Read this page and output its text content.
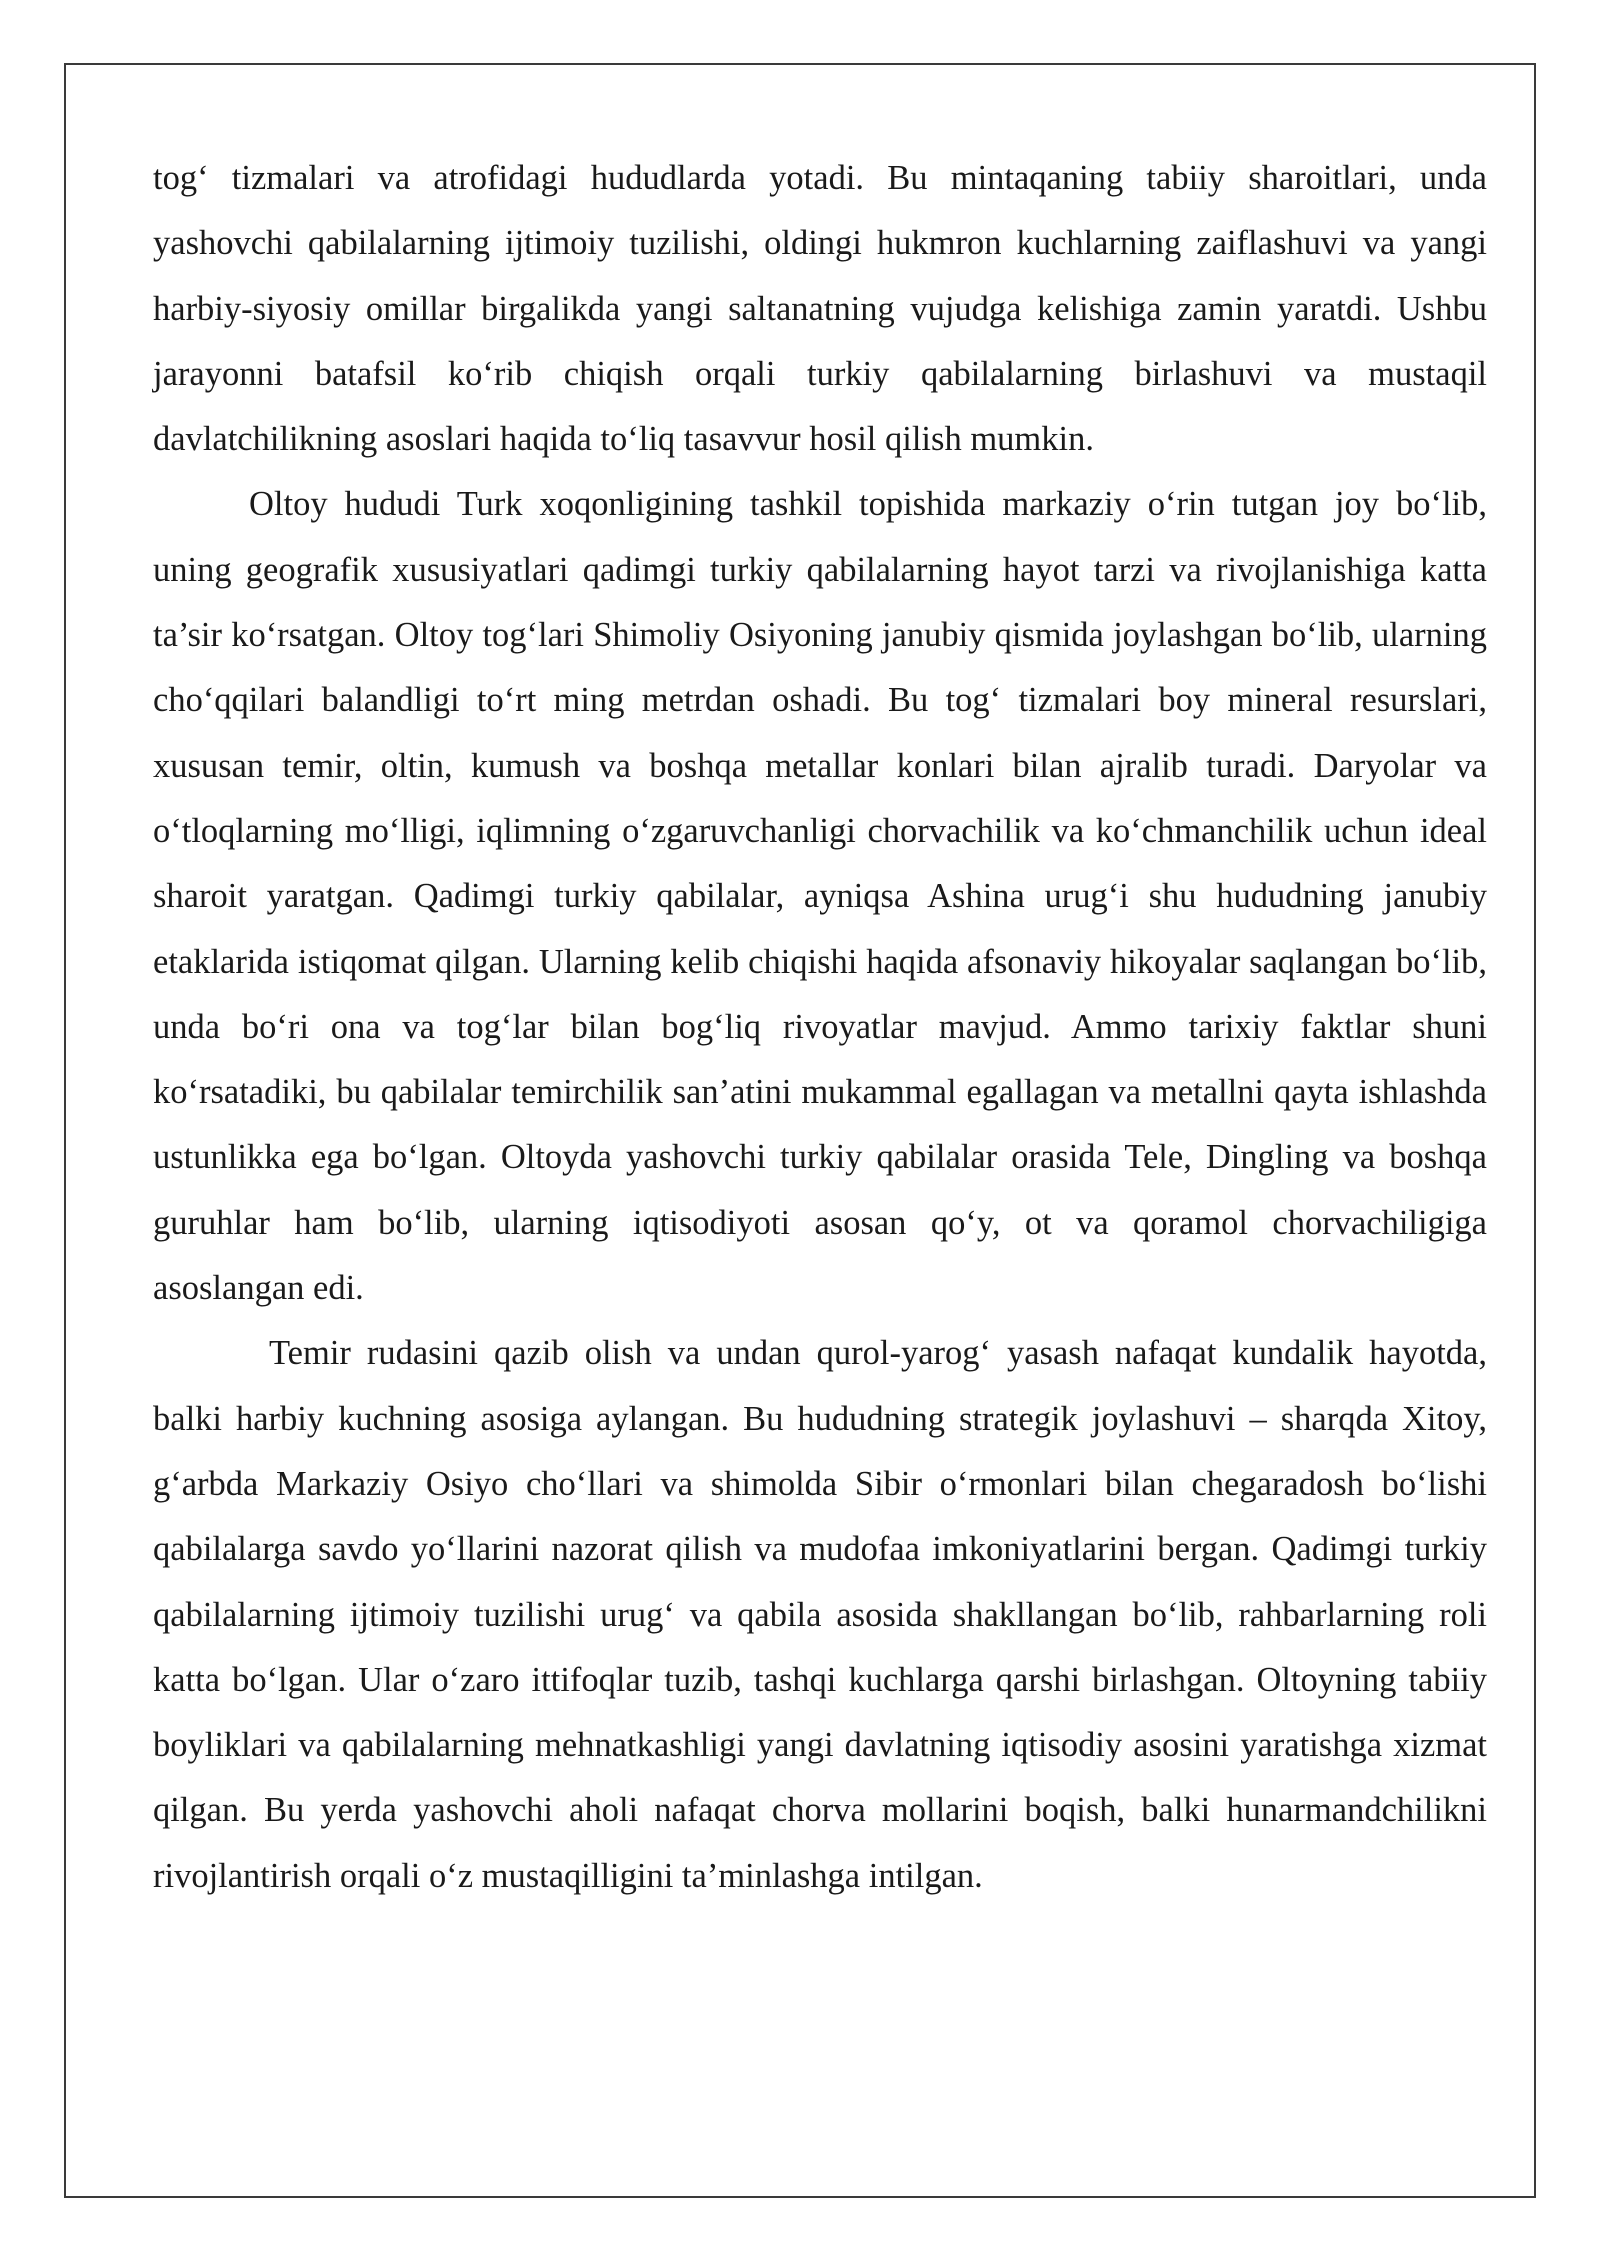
tog‘ tizmalari va atrofidagi hududlarda yotadi. Bu mintaqaning tabiiy sharoitlari, unda yashovchi qabilalarning ijtimoiy tuzilishi, oldingi hukmron kuchlarning zaiflashuvi va yangi harbiy-siyosiy omillar birgalikda yangi saltanatning vujudga kelishiga zamin yaratdi. Ushbu jarayonni batafsil ko‘rib chiqish orqali turkiy qabilalarning birlashuvi va mustaqil davlatchilikning asoslari haqida to‘liq tasavvur hosil qilish mumkin.

Oltoy hududi Turk xoqonligining tashkil topishida markaziy o‘rin tutgan joy bo‘lib, uning geografik xususiyatlari qadimgi turkiy qabilalarning hayot tarzi va rivojlanishiga katta ta’sir ko‘rsatgan. Oltoy tog‘lari Shimoliy Osiyoning janubiy qismida joylashgan bo‘lib, ularning cho‘qqilari balandligi to‘rt ming metrdan oshadi. Bu tog‘ tizmalari boy mineral resurslari, xususan temir, oltin, kumush va boshqa metallar konlari bilan ajralib turadi. Daryolar va o‘tloqlarning mo‘lligi, iqlimning o‘zgaruvchanligi chorvachilik va ko‘chmanchilik uchun ideal sharoit yaratgan. Qadimgi turkiy qabilalar, ayniqsa Ashina urug‘i shu hududning janubiy etaklarida istiqomat qilgan. Ularning kelib chiqishi haqida afsonaviy hikoyalar saqlangan bo‘lib, unda bo‘ri ona va tog‘lar bilan bog‘liq rivoyatlar mavjud. Ammo tarixiy faktlar shuni ko‘rsatadiki, bu qabilalar temirchilik san’atini mukammal egallagan va metallni qayta ishlashda ustunlikka ega bo‘lgan. Oltoyda yashovchi turkiy qabilalar orasida Tele, Dingling va boshqa guruhlar ham bo‘lib, ularning iqtisodiyoti asosan qo‘y, ot va qoramol chorvachiligiga asoslangan edi.

Temir rudasini qazib olish va undan qurol-yarog‘ yasash nafaqat kundalik hayotda, balki harbiy kuchning asosiga aylangan. Bu hududning strategik joylashuvi – sharqda Xitoy, g‘arbda Markaziy Osiyo cho‘llari va shimolda Sibir o‘rmonlari bilan chegaradosh bo‘lishi qabilalarga savdo yo‘llarini nazorat qilish va mudofaa imkoniyatlarini bergan. Qadimgi turkiy qabilalarning ijtimoiy tuzilishi urug‘ va qabila asosida shakllangan bo‘lib, rahbarlarning roli katta bo‘lgan. Ular o‘zaro ittifoqlar tuzib, tashqi kuchlarga qarshi birlashgan. Oltoyning tabiiy boyliklari va qabilalarning mehnatkashligi yangi davlatning iqtisodiy asosini yaratishga xizmat qilgan. Bu yerda yashovchi aholi nafaqat chorva mollarini boqish, balki hunarmandchilikni rivojlantirish orqali o‘z mustaqilligini ta’minlashga intilgan.
